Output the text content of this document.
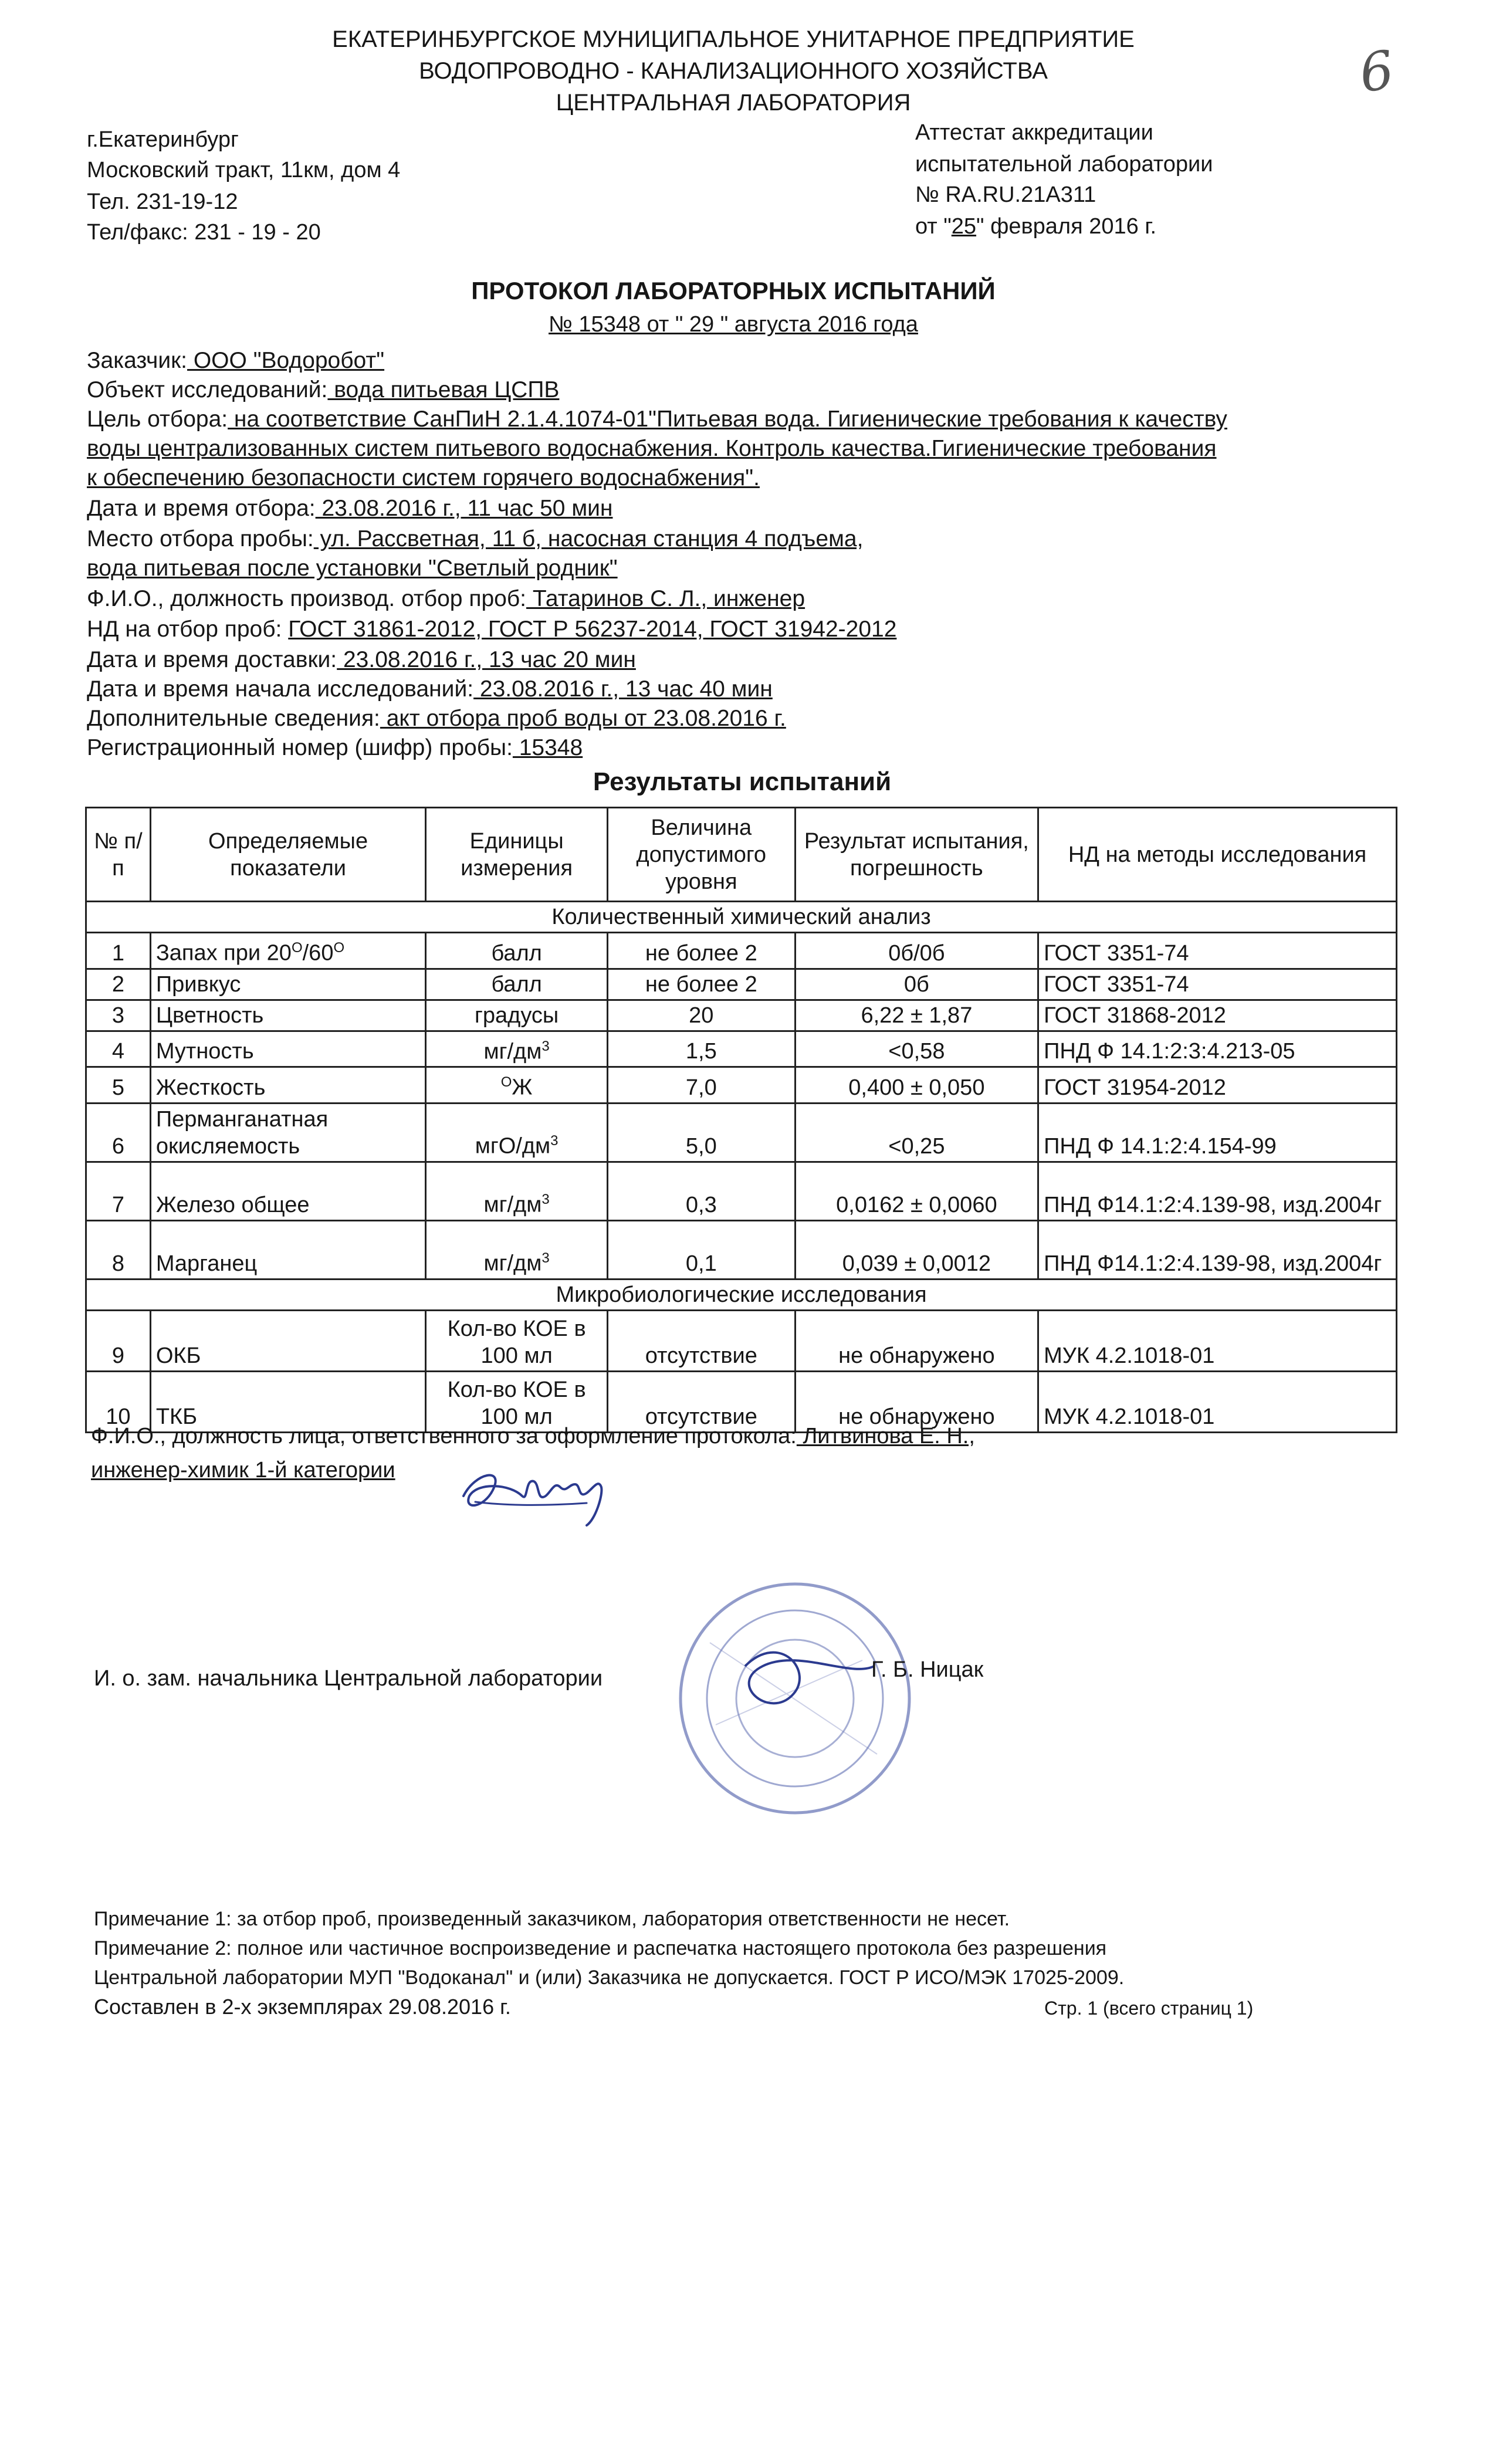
ЕКАТЕРИНБУРГСКОЕ МУНИЦИПАЛЬНОЕ УНИТАРНОЕ ПРЕДПРИЯТИЕ
ВОДОПРОВОДНО - КАНАЛИЗАЦИОННОГО ХОЗЯЙСТВА
ЦЕНТРАЛЬНАЯ ЛАБОРАТОРИЯ	6
г.Екатеринбург
Московский тракт, 11км, дом 4
Тел. 231-19-12
Тел/факс: 231 - 19 - 20
Аттестат аккредитации
испытательной лаборатории
№ RA.RU.21А311
от "25" февраля 2016 г.
ПРОТОКОЛ ЛАБОРАТОРНЫХ ИСПЫТАНИЙ
№ 15348 от " 29 " августа 2016 года
Заказчик: ООО "Водоробот"
Объект исследований: вода питьевая ЦСПВ
Цель отбора: на соответствие СанПиН 2.1.4.1074-01"Питьевая вода. Гигиенические требования к качеству
воды централизованных систем питьевого водоснабжения. Контроль качества.Гигиенические требования
к обеспечению безопасности систем горячего водоснабжения".
Дата и время отбора: 23.08.2016 г., 11 час 50 мин
Место отбора пробы: ул. Рассветная, 11 б, насосная станция 4 подъема,
вода питьевая после установки "Светлый родник"
Ф.И.О., должность производ. отбор проб: Татаринов С. Л., инженер
НД на отбор проб: ГОСТ 31861-2012, ГОСТ Р 56237-2014, ГОСТ 31942-2012
Дата и время доставки: 23.08.2016 г., 13 час 20 мин
Дата и время начала исследований: 23.08.2016 г., 13 час 40 мин
Дополнительные сведения: акт отбора проб воды от 23.08.2016 г.
Регистрационный номер (шифр) пробы: 15348
Результаты испытаний
№ п/п	Определяемые показатели	Единицы измерения	Величина допустимого уровня	Результат испытания, погрешность	НД на методы исследования
Количественный химический анализ					
1	Запах при $20^О/60^О$	балл	не более 2	0б/0б	ГОСТ 3351-74
2	Привкус	балл	не более 2	0б	ГОСТ 3351-74
3	Цветность	градусы	20	6,22 ± 1,87	ГОСТ 31868-2012
4	Мутность	$мг/дм^3$	1,5	<0,58	ПНД Ф 14.1:2:3:4.213-05
5	Жесткость	$^О$Ж	7,0	0,400 ± 0,050	ГОСТ 31954-2012
6	Перманганатная окисляемость	мгО/$дм^3$	5,0	<0,25	ПНД Ф 14.1:2:4.154-99
7	Железо общее	$мг/дм^3$	0,3	0,0162 ± 0,0060	ПНД Ф14.1:2:4.139-98, изд.2004г
8	Марганец	$мг/дм^3$	0,1	0,039 ± 0,0012	ПНД Ф14.1:2:4.139-98, изд.2004г
Микробиологические исследования					
9	ОКБ	Кол-во КОЕ в 100 мл	отсутствие	не обнаружено	МУК 4.2.1018-01
10	ТКБ	Кол-во КОЕ в 100 мл	отсутствие	не обнаружено	МУК 4.2.1018-01
Ф.И.О., должность лица, ответственного за оформление протокола: Литвинова Е. Н.,
инженер-химик 1-й категории
И. о. зам. начальника Центральной лаборатории	Г. Б. Ницак
Примечание 1: за отбор проб, произведенный заказчиком, лаборатория ответственности не несет.
Примечание 2: полное или частичное воспроизведение и распечатка настоящего протокола без разрешения
Центральной лаборатории МУП "Водоканал" и (или) Заказчика не допускается. ГОСТ Р ИСО/МЭК 17025-2009.
Составлен в 2-х экземплярах 29.08.2016 г.	Стр. 1 (всего страниц 1)
